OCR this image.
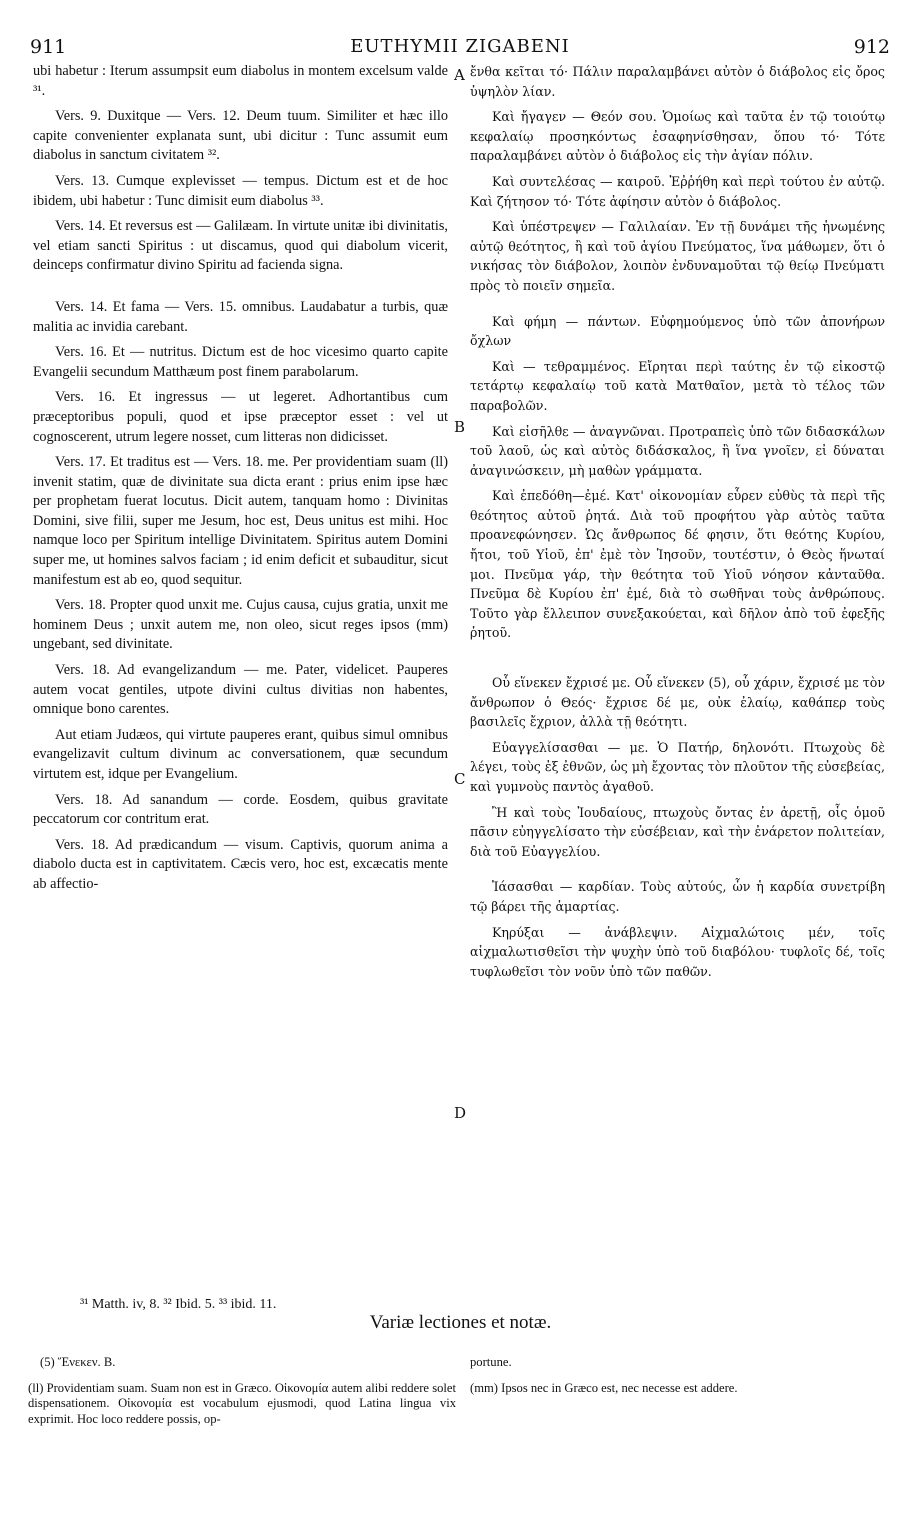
911	EUTHYMII ZIGABENI	912

ubi habetur : Iterum assumpsit eum diabolus in montem excelsum valde ³¹.

Vers. 9. Duxitque — Vers. 12. Deum tuum. Similiter et hæc illo capite convenienter explanata sunt, ubi dicitur : Tunc assumit eum diabolus in sanctum civitatem ³².

Vers. 13. Cumque explevisset — tempus. Dictum est et de hoc ibidem, ubi habetur : Tunc dimisit eum diabolus ³³.

Vers. 14. Et reversus est — Galilæam. In virtute unitæ ibi divinitatis, vel etiam sancti Spiritus : ut discamus, quod qui diabolum vicerit, deinceps confirmatur divino Spiritu ad facienda signa.

Vers. 14. Et fama — Vers. 15. omnibus. Laudabatur a turbis, quæ malitia ac invidia carebant.

Vers. 16. Et — nutritus. Dictum est de hoc vicesimo quarto capite Evangelii secundum Matthæum post finem parabolarum.

Vers. 16. Et ingressus — ut legeret. Adhortantibus cum præceptoribus populi, quod et ipse præceptor esset : vel ut cognoscerent, utrum legere nosset, cum litteras non didicisset.

Vers. 17. Et traditus est — Vers. 18. me. Per providentiam suam (ll) invenit statim, quæ de divinitate sua dicta erant : prius enim ipse hæc per prophetam fuerat locutus. Dicit autem, tanquam homo : Divinitas Domini, sive filii, super me Jesum, hoc est, Deus unitus est mihi. Hoc namque loco per Spiritum intellige Divinitatem. Spiritus autem Domini super me, ut homines salvos faciam ; id enim deficit et subauditur, sicut manifestum est ab eo, quod sequitur.

Vers. 18. Propter quod unxit me. Cujus causa, cujus gratia, unxit me hominem Deus ; unxit autem me, non oleo, sicut reges ipsos (mm) ungebant, sed divinitate.

Vers. 18. Ad evangelizandum — me. Pater, videlicet. Pauperes autem vocat gentiles, utpote divini cultus divitias non habentes, omnique bono carentes.

Aut etiam Judæos, qui virtute pauperes erant, quibus simul omnibus evangelizavit cultum divinum ac conversationem, quæ secundum virtutem est, idque per Evangelium.

Vers. 18. Ad sanandum — corde. Eosdem, quibus gravitate peccatorum cor contritum erat.

Vers. 18. Ad prædicandum — visum. Captivis, quorum anima a diabolo ducta est in captivitatem. Cæcis vero, hoc est, excæcatis mente ab affectio-

A
B
C
D

ἔνθα κεῖται τό· Πάλιν παραλαμβάνει αὐτὸν ὁ διάβολος εἰς ὄρος ὑψηλὸν λίαν.

Καὶ ἤγαγεν — Θεόν σου. Ὁμοίως καὶ ταῦτα ἐν τῷ τοιούτῳ κεφαλαίῳ προσηκόντως ἐσαφηνίσθησαν, ὅπου τό· Τότε παραλαμβάνει αὐτὸν ὁ διάβολος εἰς τὴν ἁγίαν πόλιν.

Καὶ συντελέσας — καιροῦ. Ἐῤῥήθη καὶ περὶ τούτου ἐν αὐτῷ. Καὶ ζήτησον τό· Τότε ἀφίησιν αὐτὸν ὁ διάβολος.

Καὶ ὑπέστρεψεν — Γαλιλαίαν. Ἐν τῇ δυνάμει τῆς ἡνωμένης αὐτῷ θεότητος, ἢ καὶ τοῦ ἁγίου Πνεύματος, ἵνα μάθωμεν, ὅτι ὁ νικήσας τὸν διάβολον, λοιπὸν ἐνδυναμοῦται τῷ θείῳ Πνεύματι πρὸς τὸ ποιεῖν σημεῖα.

Καὶ φήμη — πάντων. Εὐφημούμενος ὑπὸ τῶν ἀπονήρων ὄχλων

Καὶ — τεθραμμένος. Εἴρηται περὶ ταύτης ἐν τῷ εἰκοστῷ τετάρτῳ κεφαλαίῳ τοῦ κατὰ Ματθαῖον, μετὰ τὸ τέλος τῶν παραβολῶν.

Καὶ εἰσῆλθε — ἀναγνῶναι. Προτραπεὶς ὑπὸ τῶν διδασκάλων τοῦ λαοῦ, ὡς καὶ αὐτὸς διδάσκαλος, ἢ ἵνα γνοῖεν, εἰ δύναται ἀναγινώσκειν, μὴ μαθὼν γράμματα.

Καὶ ἐπεδόθη—ἐμέ. Κατ' οἰκονομίαν εὗρεν εὐθὺς τὰ περὶ τῆς θεότητος αὐτοῦ ῥητά. Διὰ τοῦ προφήτου γὰρ αὐτὸς ταῦτα προανεφώνησεν. Ὡς ἄνθρωπος δέ φησιν, ὅτι θεότης Κυρίου, ἤτοι, τοῦ Υἱοῦ, ἐπ' ἐμὲ τὸν Ἰησοῦν, τουτέστιν, ὁ Θεὸς ἥνωταί μοι. Πνεῦμα γάρ, τὴν θεότητα τοῦ Υἱοῦ νόησον κἀνταῦθα. Πνεῦμα δὲ Κυρίου ἐπ' ἐμέ, διὰ τὸ σωθῆναι τοὺς ἀνθρώπους. Τοῦτο γὰρ ἔλλειπον συνεξακούεται, καὶ δῆλον ἀπὸ τοῦ ἐφεξῆς ῥητοῦ.

Οὗ εἵνεκεν ἔχρισέ με. Οὗ εἵνεκεν (5), οὗ χάριν, ἔχρισέ με τὸν ἄνθρωπον ὁ Θεός· ἔχρισε δέ με, οὐκ ἐλαίῳ, καθάπερ τοὺς βασιλεῖς ἔχριον, ἀλλὰ τῇ θεότητι.

Εὐαγγελίσασθαι — με. Ὁ Πατήρ, δηλονότι. Πτωχοὺς δὲ λέγει, τοὺς ἐξ ἐθνῶν, ὡς μὴ ἔχοντας τὸν πλοῦτον τῆς εὐσεβείας, καὶ γυμνοὺς παντὸς ἀγαθοῦ.

Ἢ καὶ τοὺς Ἰουδαίους, πτωχοὺς ὄντας ἐν ἀρετῇ, οἷς ὁμοῦ πᾶσιν εὐηγγελίσατο τὴν εὐσέβειαν, καὶ τὴν ἐνάρετον πολιτείαν, διὰ τοῦ Εὐαγγελίου.

Ἰάσασθαι — καρδίαν. Τοὺς αὐτούς, ὧν ἡ καρδία συνετρίβη τῷ βάρει τῆς ἁμαρτίας.

Κηρύξαι — ἀνάβλεψιν. Αἰχμαλώτοις μέν, τοῖς αἰχμαλωτισθεῖσι τὴν ψυχὴν ὑπὸ τοῦ διαβόλου· τυφλοῖς δέ, τοῖς τυφλωθεῖσι τὸν νοῦν ὑπὸ τῶν παθῶν.

³¹ Matth. iv, 8. ³² Ibid. 5. ³³ ibid. 11.
Variæ lectiones et notæ.

(5) Ἕνεκεν. B.

(ll) Providentiam suam. Suam non est in Græco. Οἰκονομία autem alibi reddere solet dispensationem. Οἰκονομία est vocabulum ejusmodi, quod Latina lingua vix exprimit. Hoc loco reddere possis, op-

portune.

(mm) Ipsos nec in Græco est, nec necesse est addere.
